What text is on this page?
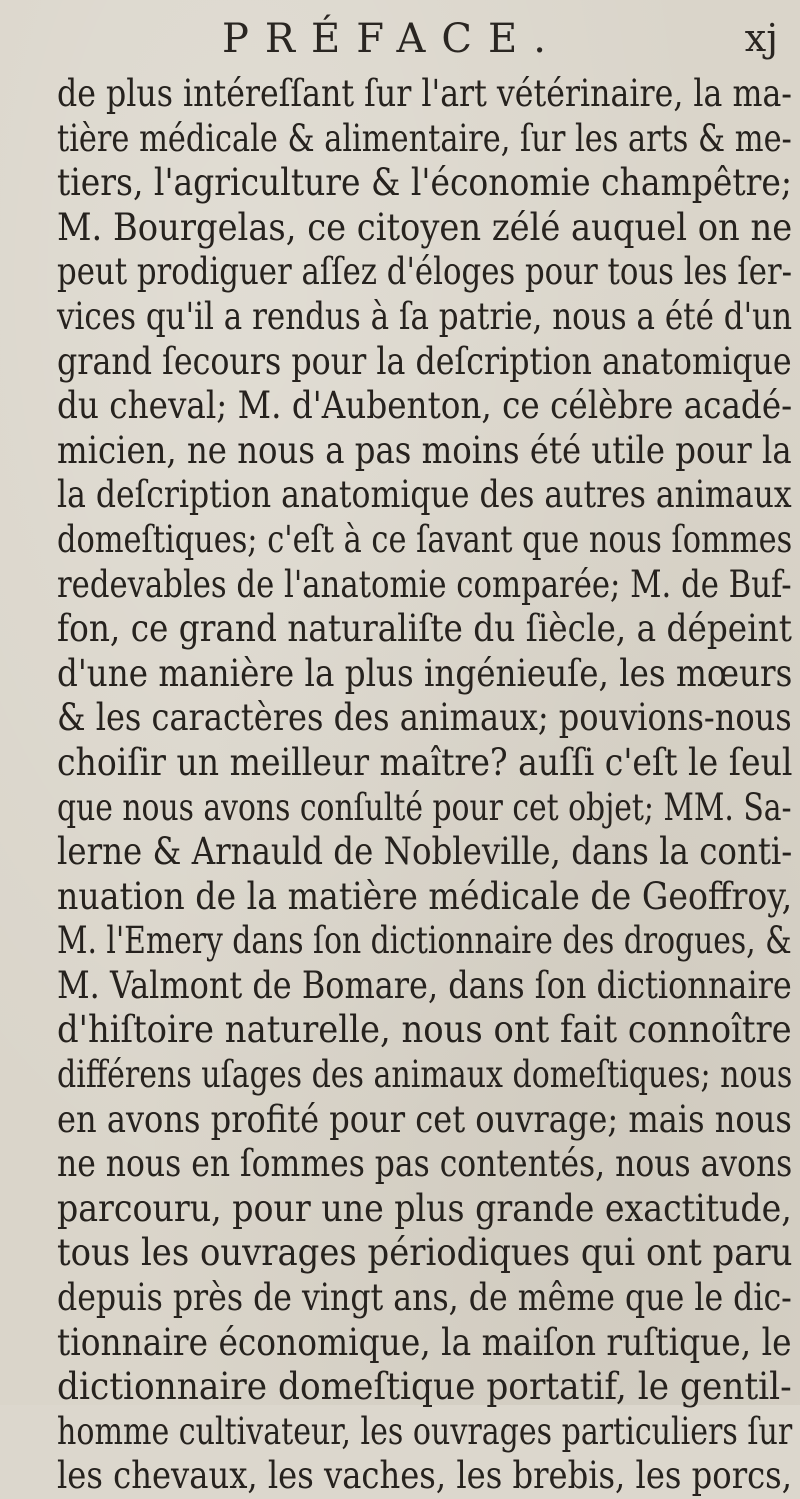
PRÉFACE.	xj
de plus intéreſſant ſur l'art vétérinaire, la ma-
tière médicale & alimentaire, ſur les arts & me-
tiers, l'agriculture & l'économie champêtre;
M. Bourgelas, ce citoyen zélé auquel on ne
peut prodiguer aſſez d'éloges pour tous les ſer-
vices qu'il a rendus à ſa patrie, nous a été d'un
grand ſecours pour la deſcription anatomique
du cheval; M. d'Aubenton, ce célèbre acadé-
micien, ne nous a pas moins été utile pour la
la deſcription anatomique des autres animaux
domeſtiques; c'eſt à ce ſavant que nous ſommes
redevables de l'anatomie comparée; M. de Buf-
fon, ce grand naturaliſte du ſiècle, a dépeint
d'une manière la plus ingénieuſe, les mœurs
& les caractères des animaux; pouvions-nous
choiſir un meilleur maître? auſſi c'eſt le ſeul
que nous avons conſulté pour cet objet; MM. Sa-
lerne & Arnauld de Nobleville, dans la conti-
nuation de la matière médicale de Geoffroy,
M. l'Emery dans ſon dictionnaire des drogues, &
M. Valmont de Bomare, dans ſon dictionnaire
d'hiſtoire naturelle, nous ont fait connoître
différens uſages des animaux domeſtiques; nous
en avons profité pour cet ouvrage; mais nous
ne nous en ſommes pas contentés, nous avons
parcouru, pour une plus grande exactitude,
tous les ouvrages périodiques qui ont paru
depuis près de vingt ans, de même que le dic-
tionnaire économique, la maiſon ruſtique, le
dictionnaire domeſtique portatif, le gentil-
homme cultivateur, les ouvrages particuliers ſur
les chevaux, les vaches, les brebis, les porcs,
